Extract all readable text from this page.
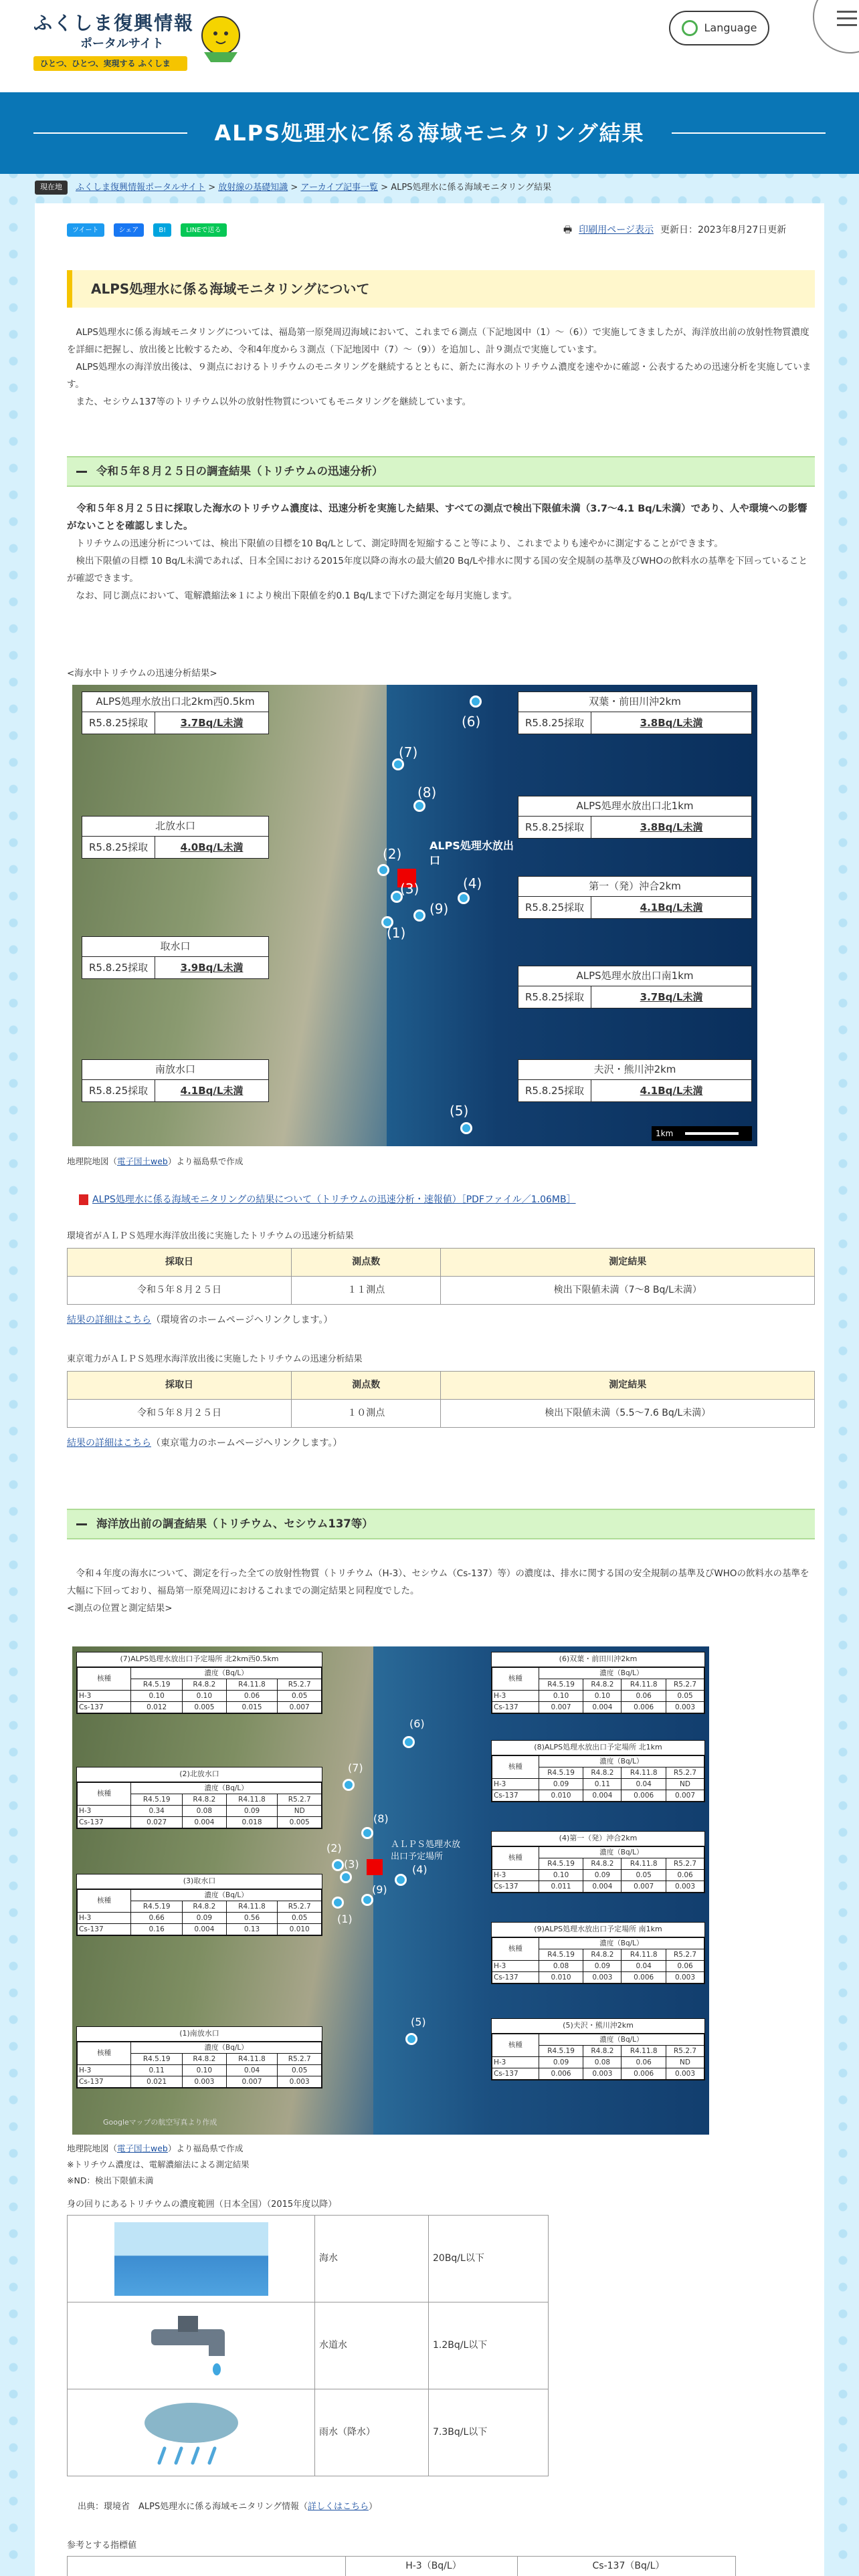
ふくしま復興情報
ポータルサイト
ひとつ、ひとつ、実現する ふくしま
Language
ALPS処理水に係る海域モニタリング結果
現在地	ふくしま復興情報ポータルサイト > 放射線の基礎知識 > アーカイブ記事一覧 > ALPS処理水に係る海域モニタリング結果
ツイート	シェア	B!	LINEで送る	🖶 印刷用ページ表示 更新日：2023年8月27日更新
ALPS処理水に係る海域モニタリングについて

ALPS処理水に係る海域モニタリングについては、福島第一原発周辺海域において、これまで６測点（下記地図中（1）～（6））で実施してきましたが、海洋放出前の放射性物質濃度を詳細に把握し、放出後と比較するため、令和4年度から３測点（下記地図中（7）～（9））を追加し、計９測点で実施しています。

ALPS処理水の海洋放出後は、９測点におけるトリチウムのモニタリングを継続するとともに、新たに海水のトリチウム濃度を速やかに確認・公表するための迅速分析を実施しています。

また、セシウム137等のトリチウム以外の放射性物質についてもモニタリングを継続しています。

令和５年８月２５日の調査結果（トリチウムの迅速分析）

令和５年８月２５日に採取した海水のトリチウム濃度は、迅速分析を実施した結果、すべての測点で検出下限値未満（3.7～4.1 Bq/L未満）であり、人や環境への影響がないことを確認しました。

トリチウムの迅速分析については、検出下限値の目標を10 Bq/Lとして、測定時間を短縮すること等により、これまでよりも速やかに測定することができます。

検出下限値の目標 10 Bq/L未満であれば、日本全国における2015年度以降の海水の最大値20 Bq/Lや排水に関する国の安全規制の基準及びWHOの飲料水の基準を下回っていることが確認できます。

なお、同じ測点において、電解濃縮法※１により検出下限値を約0.1 Bq/Lまで下げた測定を毎月実施します。

<海水中トリチウムの迅速分析結果>

ALPS処理水放出口
ALPS処理水放出口北2km西0.5km
R5.8.25採取	3.7Bq/L未満
北放水口
R5.8.25採取	4.0Bq/L未満
取水口
R5.8.25採取	3.9Bq/L未満
南放水口
R5.8.25採取	4.1Bq/L未満
双葉・前田川沖2km
R5.8.25採取	3.8Bq/L未満
ALPS処理水放出口北1km
R5.8.25採取	3.8Bq/L未満
第一（発）沖合2km
R5.8.25採取	4.1Bq/L未満
ALPS処理水放出口南1km
R5.8.25採取	3.7Bq/L未満
夫沢・熊川沖2km
R5.8.25採取	4.1Bq/L未満
(6)
(7)
(8)
(2)
(3)	(4)
(9)
(1)
(5)
1km

地理院地図（電子国土web）より福島県で作成

ALPS処理水に係る海域モニタリングの結果について（トリチウムの迅速分析・速報値）［PDFファイル／1.06MB］

環境省がＡＬＰＳ処理水海洋放出後に実施したトリチウムの迅速分析結果

採取日	測点数	測定結果
令和５年８月２５日	１１測点	検出下限値未満（7～8 Bq/L未満）

結果の詳細はこちら（環境省のホームページへリンクします。）

東京電力がＡＬＰＳ処理水海洋放出後に実施したトリチウムの迅速分析結果

採取日	測点数	測定結果
令和５年８月２５日	１０測点	検出下限値未満（5.5～7.6 Bq/L未満）

結果の詳細はこちら（東京電力のホームページへリンクします。）

海洋放出前の調査結果（トリチウム、セシウム137等）

令和４年度の海水について、測定を行った全ての放射性物質（トリチウム（H-3）、セシウム（Cs-137）等）の濃度は、排水に関する国の安全規制の基準及びWHOの飲料水の基準を大幅に下回っており、福島第一原発周辺におけるこれまでの測定結果と同程度でした。

<測点の位置と測定結果>

ＡＬＰＳ処理水放出口予定場所
Googleマップの航空写真より作成
(6)
(7)
(8)
(2)
(3)	(4)
(9)
(1)
(5)
(7)ALPS処理水放出口予定場所 北2km西0.5km
核種	濃度（Bq/L）			
	R4.5.19	R4.8.2	R4.11.8	R5.2.7
H-3	0.10	0.10	0.06	0.05
Cs-137	0.012	0.005	0.015	0.007
(2)北放水口
核種	濃度（Bq/L）			
	R4.5.19	R4.8.2	R4.11.8	R5.2.7
H-3	0.34	0.08	0.09	ND
Cs-137	0.027	0.004	0.018	0.005
(3)取水口
核種	濃度（Bq/L）			
	R4.5.19	R4.8.2	R4.11.8	R5.2.7
H-3	0.66	0.09	0.56	0.05
Cs-137	0.16	0.004	0.13	0.010
(1)南放水口
核種	濃度（Bq/L）			
	R4.5.19	R4.8.2	R4.11.8	R5.2.7
H-3	0.11	0.10	0.04	0.05
Cs-137	0.021	0.003	0.007	0.003
(6)双葉・前田川沖2km
核種	濃度（Bq/L）			
	R4.5.19	R4.8.2	R4.11.8	R5.2.7
H-3	0.10	0.10	0.06	0.05
Cs-137	0.007	0.004	0.006	0.003
(8)ALPS処理水放出口予定場所 北1km
核種	濃度（Bq/L）			
	R4.5.19	R4.8.2	R4.11.8	R5.2.7
H-3	0.09	0.11	0.04	ND
Cs-137	0.010	0.004	0.006	0.007
(4)第一（発）沖合2km
核種	濃度（Bq/L）			
	R4.5.19	R4.8.2	R4.11.8	R5.2.7
H-3	0.10	0.09	0.05	0.06
Cs-137	0.011	0.004	0.007	0.003
(9)ALPS処理水放出口予定場所 南1km
核種	濃度（Bq/L）			
	R4.5.19	R4.8.2	R4.11.8	R5.2.7
H-3	0.08	0.09	0.04	0.06
Cs-137	0.010	0.003	0.006	0.003
(5)夫沢・熊川沖2km
核種	濃度（Bq/L）			
	R4.5.19	R4.8.2	R4.11.8	R5.2.7
H-3	0.09	0.08	0.06	ND
Cs-137	0.006	0.003	0.006	0.003

地理院地図（電子国土web）より福島県で作成

※トリチウム濃度は、電解濃縮法による測定結果

※ND：検出下限値未満

身の回りにあるトリチウムの濃度範囲（日本全国）（2015年度以降）

	海水	20Bq/L以下

	水道水	1.2Bq/L以下

	雨水（降水）	7.3Bq/L以下

出典：環境省　ALPS処理水に係る海域モニタリング情報（詳しくはこちら）

参考とする指標値

	H-3（Bq/L）	Cs-137（Bq/L）
